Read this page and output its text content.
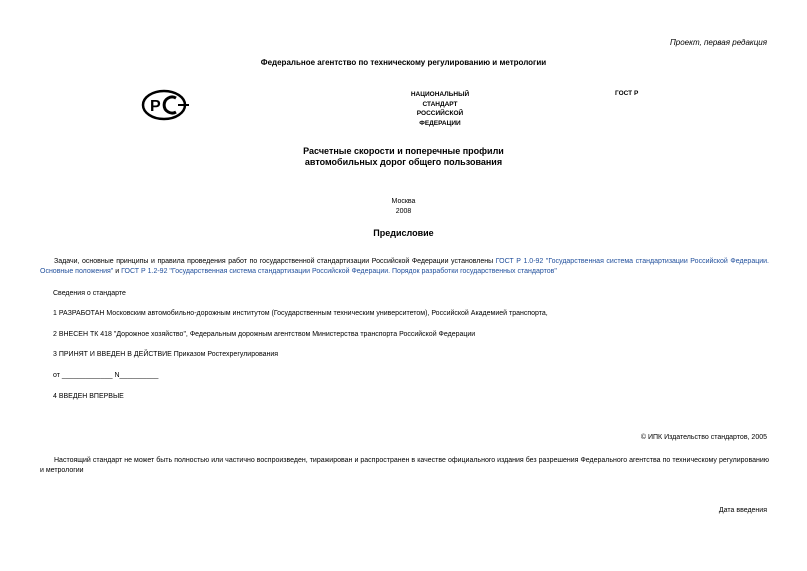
Проект, первая редакция
Федеральное агентство по техническому регулированию и метрологии
Р
НАЦИОНАЛЬНЫЙ
СТАНДАРТ
РОССИЙСКОЙ
ФЕДЕРАЦИИ
ГОСТ Р
Расчетные скорости и поперечные профили
автомобильных дорог общего пользования
Москва
2008
Предисловие
Задачи, основные принципы и правила проведения работ по государственной стандартизации Российской Федерации установлены ГОСТ Р 1.0-92 "Государственная система стандартизации Российской Федерации. Основные положения" и ГОСТ Р 1.2-92 "Государственная система стандартизации Российской Федерации. Порядок разработки государственных стандартов"
Сведения о стандарте
1 РАЗРАБОТАН Московским автомобильно-дорожным институтом (Государственным техническим университетом), Российской Академией транспорта,
2 ВНЕСЕН ТК 418 "Дорожное хозяйство", Федеральным дорожным агентством Министерства транспорта Российской Федерации
3 ПРИНЯТ И ВВЕДЕН В ДЕЙСТВИЕ Приказом Ростехрегулирования
от _____________ N__________
4 ВВЕДЕН ВПЕРВЫЕ
© ИПК Издательство стандартов, 2005
Настоящий стандарт не может быть полностью или частично воспроизведен, тиражирован и распространен в качестве официального издания без разрешения Федерального агентства по техническому регулированию и метрологии
Дата введения
